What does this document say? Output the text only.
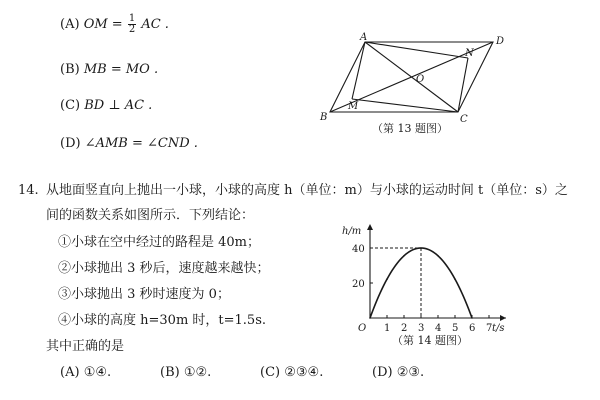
(A) OM = $\frac{1}{2}$ AC .
(B) MB = MO .
(C) BD ⊥ AC .
(D) ∠AMB = ∠CND .
A	D
B	C
M
N
O
（第 13 题图）
14. 从地面竖直向上抛出一小球，小球的高度 h（单位：m）与小球的运动时间 t（单位：s）之
间的函数关系如图所示．下列结论：
①小球在空中经过的路程是 40m；
②小球抛出 3 秒后，速度越来越快；
③小球抛出 3 秒时速度为 0；
④小球的高度 h=30m 时，t=1.5s.
其中正确的是
(A) ①④.	(B) ①②.	(C) ②③④.	(D) ②③.
h/m
t/s
O 1 2 3 4 5 6 7
20
40
（第 14 题图）
